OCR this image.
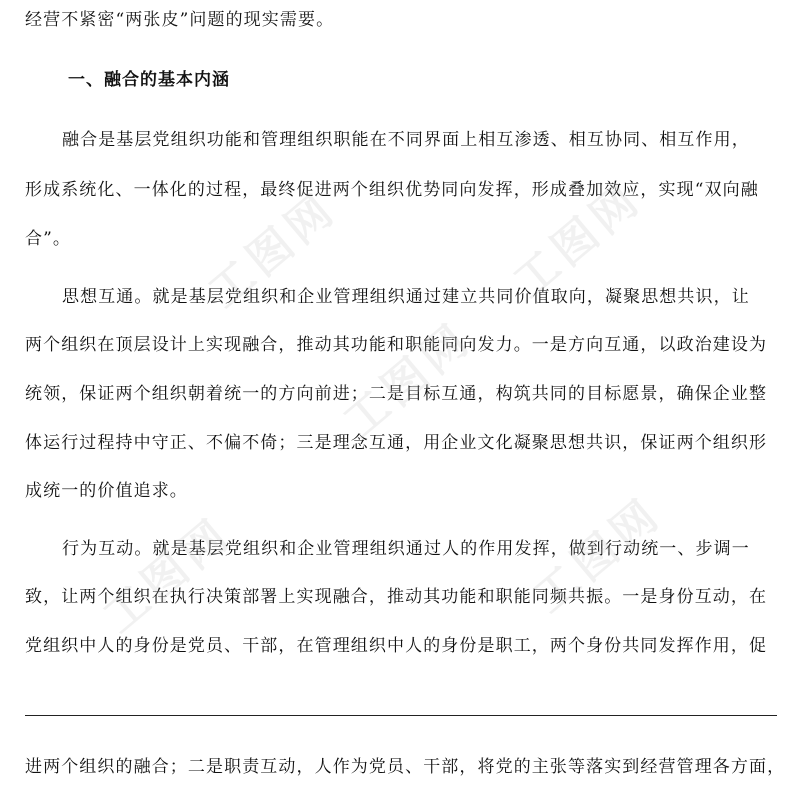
经营不紧密“两张皮”问题的现实需要。

一、融合的基本内涵

融合是基层党组织功能和管理组织职能在不同界面上相互渗透、相互协同、相互作用，

形成系统化、一体化的过程，最终促进两个组织优势同向发挥，形成叠加效应，实现“双向融

合”。

思想互通。就是基层党组织和企业管理组织通过建立共同价值取向，凝聚思想共识，让

两个组织在顶层设计上实现融合，推动其功能和职能同向发力。一是方向互通，以政治建设为

统领，保证两个组织朝着统一的方向前进；二是目标互通，构筑共同的目标愿景，确保企业整

体运行过程持中守正、不偏不倚；三是理念互通，用企业文化凝聚思想共识，保证两个组织形

成统一的价值追求。

行为互动。就是基层党组织和企业管理组织通过人的作用发挥，做到行动统一、步调一

致，让两个组织在执行决策部署上实现融合，推动其功能和职能同频共振。一是身份互动，在

党组织中人的身份是党员、干部，在管理组织中人的身份是职工，两个身份共同发挥作用，促

进两个组织的融合；二是职责互动，人作为党员、干部，将党的主张等落实到经营管理各方面，

工图网	工图网
工图网
工图网	工图网
